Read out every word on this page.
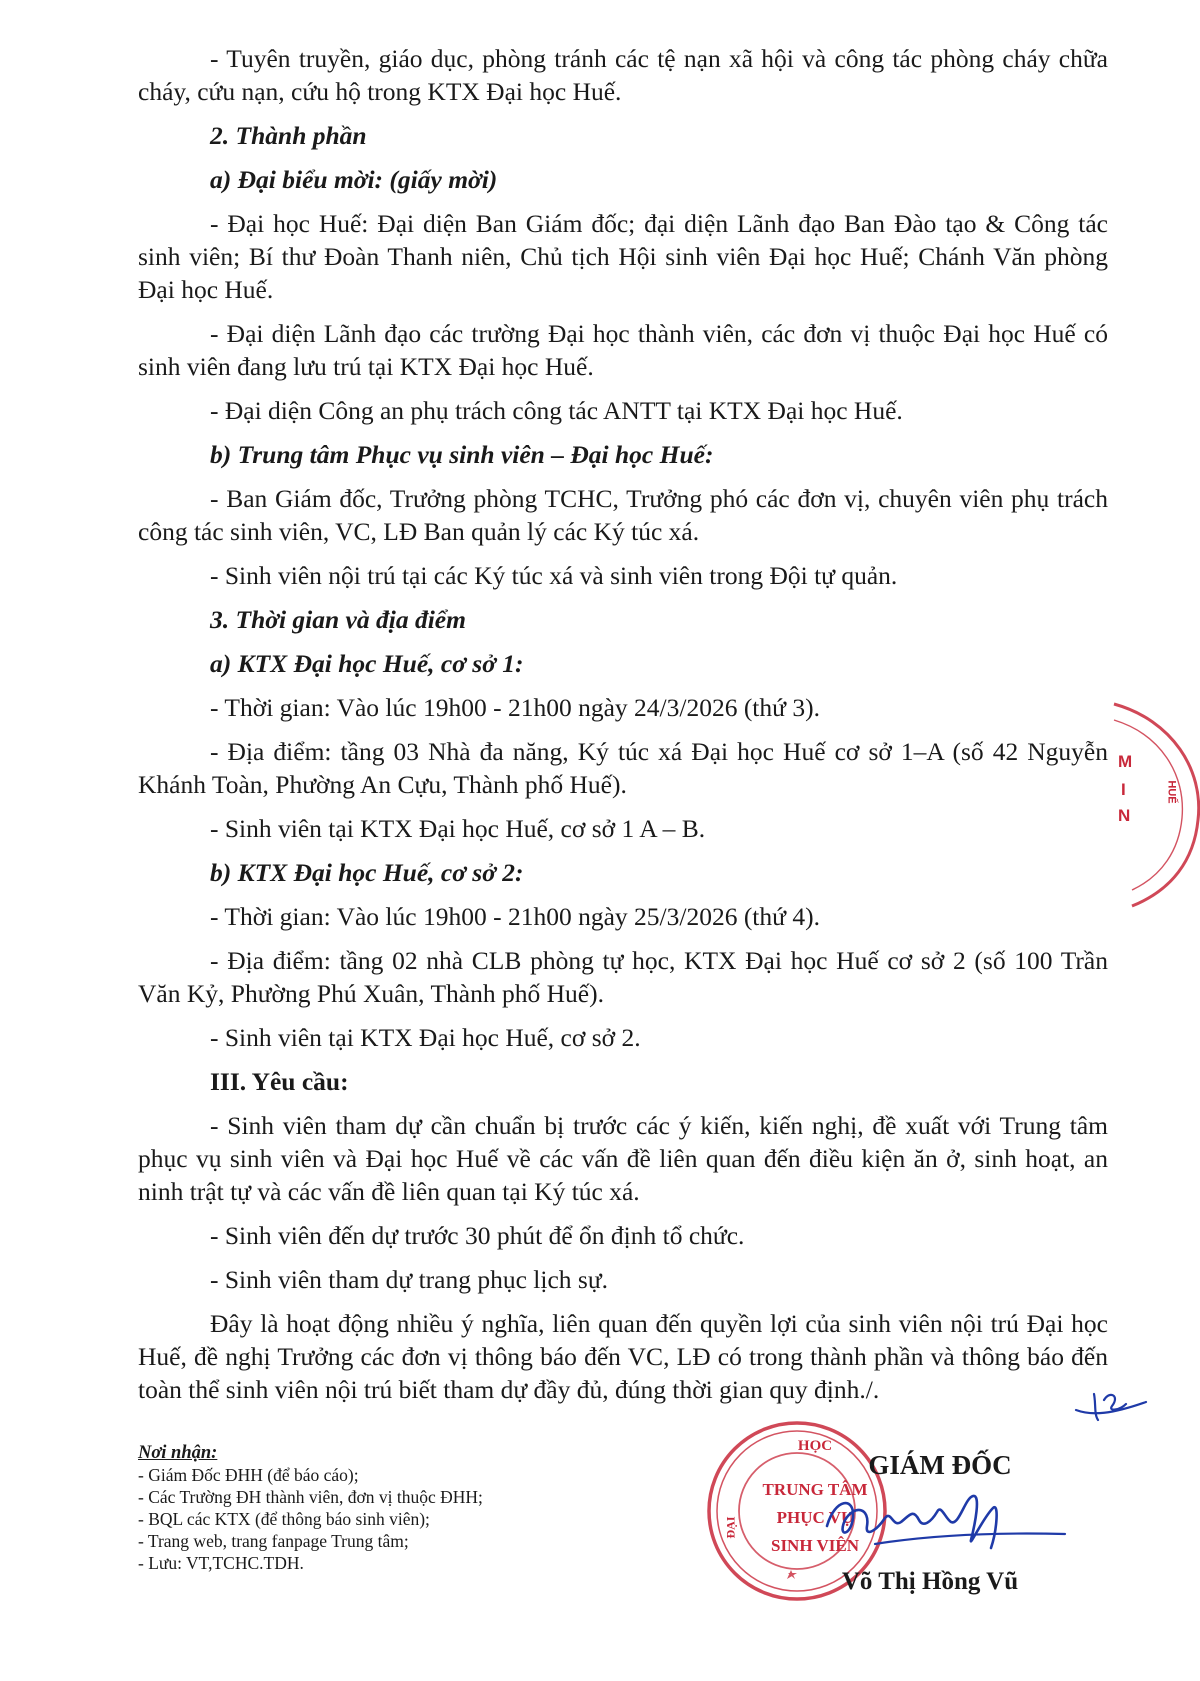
- Tuyên truyền, giáo dục, phòng tránh các tệ nạn xã hội và công tác phòng cháy chữa cháy, cứu nạn, cứu hộ trong KTX Đại học Huế.

2. Thành phần

a) Đại biểu mời: (giấy mời)

- Đại học Huế: Đại diện Ban Giám đốc; đại diện Lãnh đạo Ban Đào tạo & Công tác sinh viên; Bí thư Đoàn Thanh niên, Chủ tịch Hội sinh viên Đại học Huế; Chánh Văn phòng Đại học Huế.

- Đại diện Lãnh đạo các trường Đại học thành viên, các đơn vị thuộc Đại học Huế có sinh viên đang lưu trú tại KTX Đại học Huế.

- Đại diện Công an phụ trách công tác ANTT tại KTX Đại học Huế.

b) Trung tâm Phục vụ sinh viên – Đại học Huế:

- Ban Giám đốc, Trưởng phòng TCHC, Trưởng phó các đơn vị, chuyên viên phụ trách công tác sinh viên, VC, LĐ Ban quản lý các Ký túc xá.

- Sinh viên nội trú tại các Ký túc xá và sinh viên trong Đội tự quản.

3. Thời gian và địa điểm

a) KTX Đại học Huế, cơ sở 1:

- Thời gian: Vào lúc 19h00 - 21h00 ngày 24/3/2026 (thứ 3).

- Địa điểm: tầng 03 Nhà đa năng, Ký túc xá Đại học Huế cơ sở 1–A (số 42 Nguyễn Khánh Toàn, Phường An Cựu, Thành phố Huế).

- Sinh viên tại KTX Đại học Huế, cơ sở 1 A – B.

b) KTX Đại học Huế, cơ sở 2:

- Thời gian: Vào lúc 19h00 - 21h00 ngày 25/3/2026 (thứ 4).

- Địa điểm: tầng 02 nhà CLB phòng tự học, KTX Đại học Huế cơ sở 2 (số 100 Trần Văn Kỷ, Phường Phú Xuân, Thành phố Huế).

- Sinh viên tại KTX Đại học Huế, cơ sở 2.

III. Yêu cầu:

- Sinh viên tham dự cần chuẩn bị trước các ý kiến, kiến nghị, đề xuất với Trung tâm phục vụ sinh viên và Đại học Huế về các vấn đề liên quan đến điều kiện ăn ở, sinh hoạt, an ninh trật tự và các vấn đề liên quan tại Ký túc xá.

- Sinh viên đến dự trước 30 phút để ổn định tổ chức.

- Sinh viên tham dự trang phục lịch sự.

Đây là hoạt động nhiều ý nghĩa, liên quan đến quyền lợi của sinh viên nội trú Đại học Huế, đề nghị Trưởng các đơn vị thông báo đến VC, LĐ có trong thành phần và thông báo đến toàn thể sinh viên nội trú biết tham dự đầy đủ, đúng thời gian quy định./.

Nơi nhận:
- Giám Đốc ĐHH (để báo cáo);
- Các Trường ĐH thành viên, đơn vị thuộc ĐHH;
- BQL các KTX (để thông báo sinh viên);
- Trang web, trang fanpage Trung tâm;
- Lưu: VT,TCHC.TDH.
HỌC
TRUNG TÂM
PHỤC VỤ
SINH VIÊN
ĐẠI
GIÁM ĐỐC
Võ Thị Hồng Vũ
M
I
N
HUẾ
